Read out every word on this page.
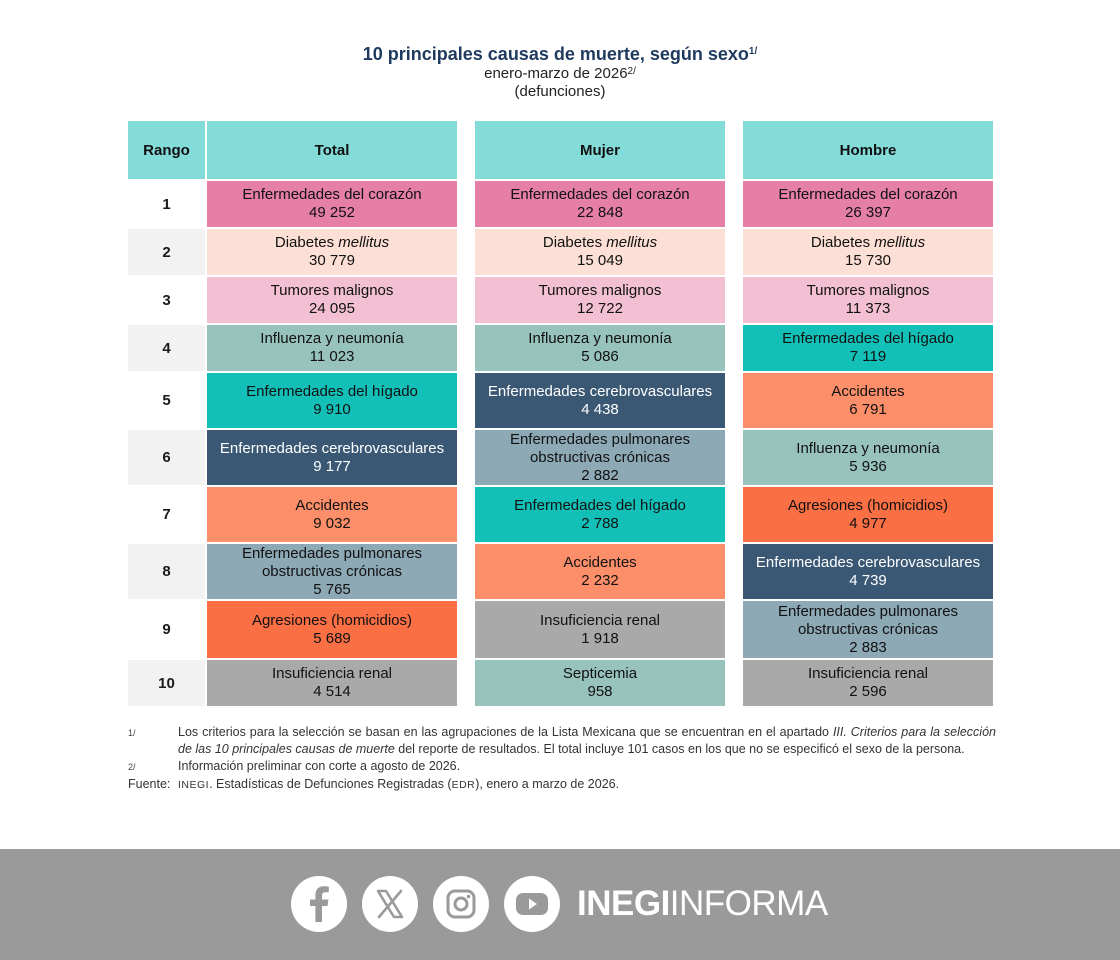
10 principales causas de muerte, según sexo$^{1/}$
enero-marzo de $2026^{2/}$
(defunciones)
Rango
1
2
3
4
5
6
7
8
9
10
Total
Enfermedades del corazón
49 252
Diabetes mellitus
30 779
Tumores malignos
24 095
Influenza y neumonía
11 023
Enfermedades del hígado
9 910
Enfermedades cerebrovasculares
9 177
Accidentes
9 032
Enfermedades pulmonares obstructivas crónicas
5 765
Agresiones (homicidios)
5 689
Insuficiencia renal
4 514
Mujer
Enfermedades del corazón
22 848
Diabetes mellitus
15 049
Tumores malignos
12 722
Influenza y neumonía
5 086
Enfermedades cerebrovasculares
4 438
Enfermedades pulmonares obstructivas crónicas
2 882
Enfermedades del hígado
2 788
Accidentes
2 232
Insuficiencia renal
1 918
Septicemia
958
Hombre
Enfermedades del corazón
26 397
Diabetes mellitus
15 730
Tumores malignos
11 373
Enfermedades del hígado
7 119
Accidentes
6 791
Influenza y neumonía
5 936
Agresiones (homicidios)
4 977
Enfermedades cerebrovasculares
4 739
Enfermedades pulmonares obstructivas crónicas
2 883
Insuficiencia renal
2 596
1/	Los criterios para la selección se basan en las agrupaciones de la Lista Mexicana que se encuentran en el apartado III. Criterios para la selección de las 10 principales causas de muerte del reporte de resultados. El total incluye 101 casos en los que no se especificó el sexo de la persona.
2/	Información preliminar con corte a agosto de 2026.
Fuente: INEGI. Estadísticas de Defunciones Registradas (EDR), enero a marzo de 2026.
INEGIINFORMA
